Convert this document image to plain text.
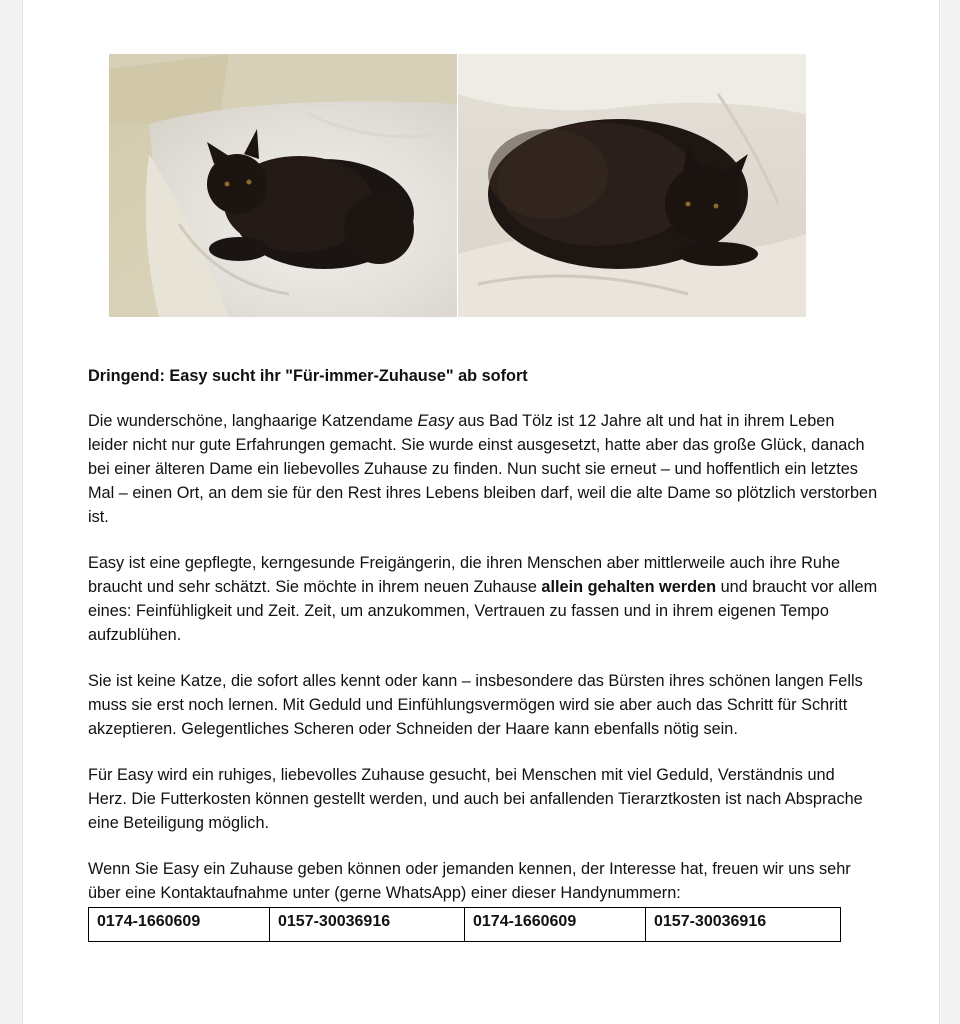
Dringend: Easy sucht ihr "Für-immer-Zuhause" ab sofort

Die wunderschöne, langhaarige Katzendame Easy aus Bad Tölz ist 12 Jahre alt und hat in ihrem Leben leider nicht nur gute Erfahrungen gemacht. Sie wurde einst ausgesetzt, hatte aber das große Glück, danach bei einer älteren Dame ein liebevolles Zuhause zu finden. Nun sucht sie erneut – und hoffentlich ein letztes Mal – einen Ort, an dem sie für den Rest ihres Lebens bleiben darf, weil die alte Dame so plötzlich verstorben ist.

Easy ist eine gepflegte, kerngesunde Freigängerin, die ihren Menschen aber mittlerweile auch ihre Ruhe braucht und sehr schätzt. Sie möchte in ihrem neuen Zuhause allein gehalten werden und braucht vor allem eines: Feinfühligkeit und Zeit. Zeit, um anzukommen, Vertrauen zu fassen und in ihrem eigenen Tempo aufzublühen.

Sie ist keine Katze, die sofort alles kennt oder kann – insbesondere das Bürsten ihres schönen langen Fells muss sie erst noch lernen. Mit Geduld und Einfühlungsvermögen wird sie aber auch das Schritt für Schritt akzeptieren. Gelegentliches Scheren oder Schneiden der Haare kann ebenfalls nötig sein.

Für Easy wird ein ruhiges, liebevolles Zuhause gesucht, bei Menschen mit viel Geduld, Verständnis und Herz. Die Futterkosten können gestellt werden, und auch bei anfallenden Tierarztkosten ist nach Absprache eine Beteiligung möglich.

Wenn Sie Easy ein Zuhause geben können oder jemanden kennen, der Interesse hat, freuen wir uns sehr über eine Kontaktaufnahme unter (gerne WhatsApp) einer dieser Handynummern:

0174-1660609	0157-30036916	0174-1660609	0157-30036916
